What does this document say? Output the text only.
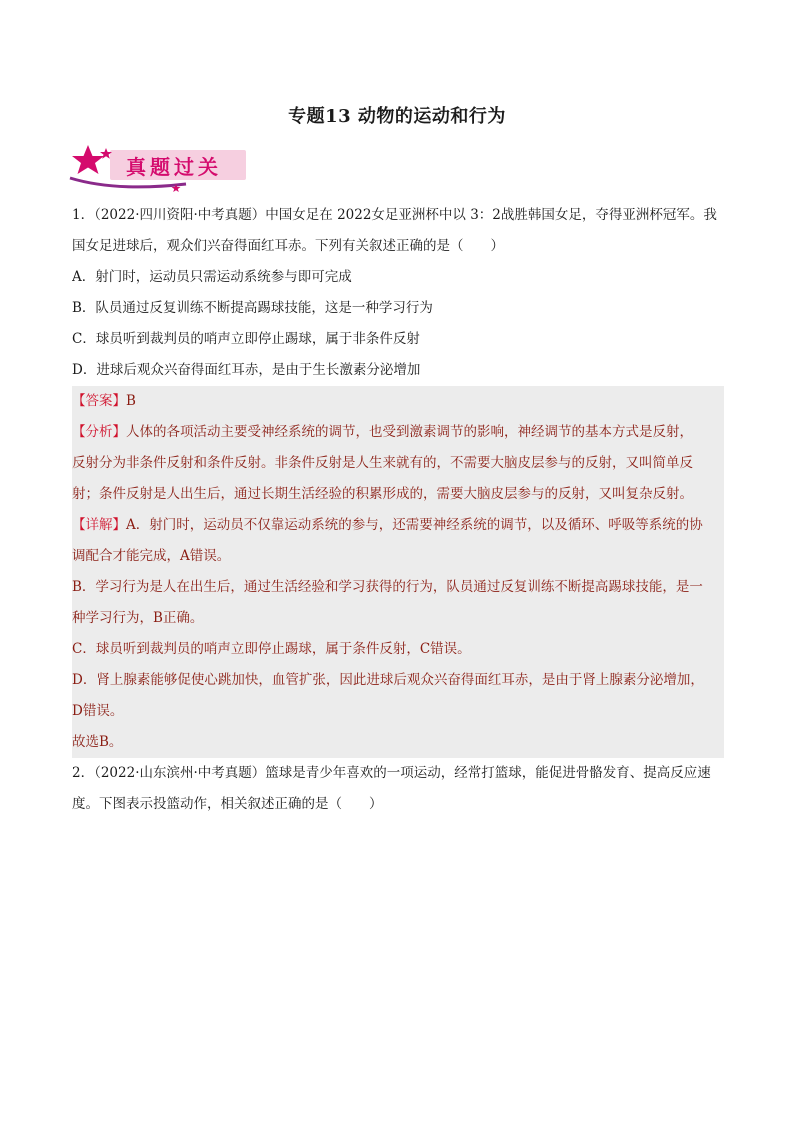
专题13 动物的运动和行为
真题过关
1．（2022·四川资阳·中考真题）中国女足在 2022女足亚洲杯中以 3：2战胜韩国女足，夺得亚洲杯冠军。我
国女足进球后，观众们兴奋得面红耳赤。下列有关叙述正确的是（　　）
A．射门时，运动员只需运动系统参与即可完成
B．队员通过反复训练不断提高踢球技能，这是一种学习行为
C．球员听到裁判员的哨声立即停止踢球，属于非条件反射
D．进球后观众兴奋得面红耳赤，是由于生长激素分泌增加
【答案】B
【分析】人体的各项活动主要受神经系统的调节，也受到激素调节的影响，神经调节的基本方式是反射，
反射分为非条件反射和条件反射。非条件反射是人生来就有的，不需要大脑皮层参与的反射，又叫简单反
射；条件反射是人出生后，通过长期生活经验的积累形成的，需要大脑皮层参与的反射，又叫复杂反射。
【详解】A．射门时，运动员不仅靠运动系统的参与，还需要神经系统的调节，以及循环、呼吸等系统的协
调配合才能完成，A错误。
B．学习行为是人在出生后，通过生活经验和学习获得的行为，队员通过反复训练不断提高踢球技能，是一
种学习行为，B正确。
C．球员听到裁判员的哨声立即停止踢球，属于条件反射，C错误。
D．肾上腺素能够促使心跳加快，血管扩张，因此进球后观众兴奋得面红耳赤，是由于肾上腺素分泌增加，
D错误。
故选B。
2．（2022·山东滨州·中考真题）篮球是青少年喜欢的一项运动，经常打篮球，能促进骨骼发育、提高反应速
度。下图表示投篮动作，相关叙述正确的是（　　）
